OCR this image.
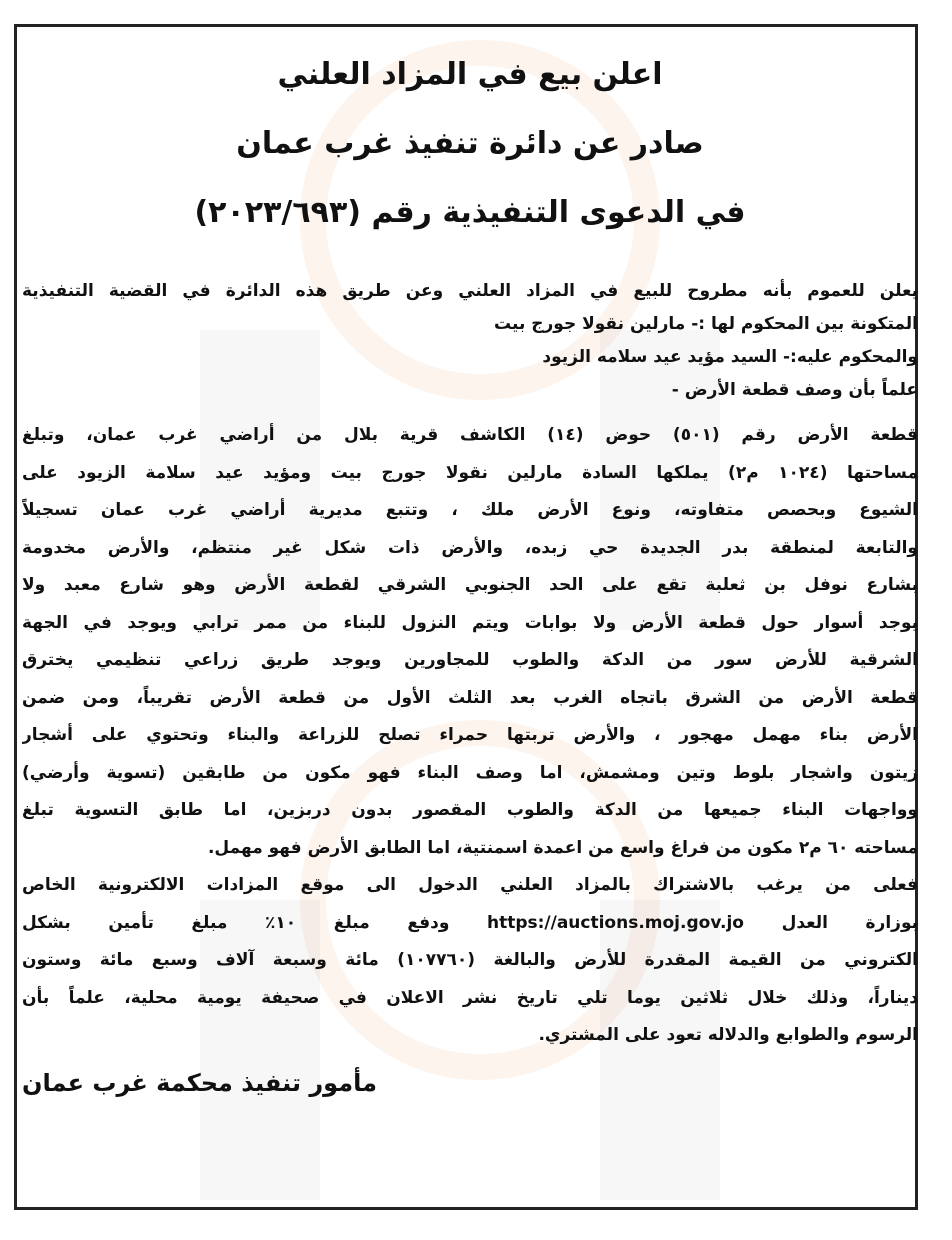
اعلن بيع في المزاد العلني
صادر عن دائرة تنفيذ غرب عمان
في الدعوى التنفيذية رقم (٢٠٢٣/٦٩٣)
يعلن للعموم بأنه مطروح للبيع في المزاد العلني وعن طريق هذه الدائرة في القضية التنفيذية
المتكونة بين المحكوم لها :- مارلين نقولا جورج بيت
والمحكوم عليه:- السيد مؤيد عيد سلامه الزيود
علماً بأن وصف قطعة الأرض -
قطعة الأرض رقم (٥٠١) حوض (١٤) الكاشف قرية بلال من أراضي غرب عمان، وتبلغ
مساحتها (١٠٢٤ م٢) يملكها السادة مارلين نقولا جورج بيت ومؤيد عيد سلامة الزيود على
الشيوع وبحصص متفاوته، ونوع الأرض ملك ، وتتبع مديرية أراضي غرب عمان تسجيلاً
والتابعة لمنطقة بدر الجديدة حي زبده، والأرض ذات شكل غير منتظم، والأرض مخدومة
بشارع نوفل بن ثعلبة تقع على الحد الجنوبي الشرقي لقطعة الأرض وهو شارع معبد ولا
يوجد أسوار حول قطعة الأرض ولا بوابات ويتم النزول للبناء من ممر ترابي ويوجد في الجهة
الشرقية للأرض سور من الدكة والطوب للمجاورين ويوجد طريق زراعي تنظيمي يخترق
قطعة الأرض من الشرق باتجاه الغرب بعد الثلث الأول من قطعة الأرض تقريباً، ومن ضمن
الأرض بناء مهمل مهجور ، والأرض تربتها حمراء تصلح للزراعة والبناء وتحتوي على أشجار
زيتون واشجار بلوط وتين ومشمش، اما وصف البناء فهو مكون من طابقين (تسوية وأرضي)
وواجهات البناء جميعها من الدكة والطوب المقصور بدون دربزين، اما طابق التسوية تبلغ
مساحته ٦٠ م٢ مكون من فراغ واسع من اعمدة اسمنتية، اما الطابق الأرض فهو مهمل.
فعلى من يرغب بالاشتراك بالمزاد العلني الدخول الى موقع المزادات الالكترونية الخاص
بوزارة العدل https://auctions.moj.gov.jo ودفع مبلغ ١٠٪ مبلغ تأمين بشكل
الكتروني من القيمة المقدرة للأرض والبالغة (١٠٧٧٦٠) مائة وسبعة آلاف وسبع مائة وستون
ديناراً، وذلك خلال ثلاثين يوما تلي تاريخ نشر الاعلان في صحيفة يومية محلية، علماً بأن
الرسوم والطوابع والدلاله تعود على المشتري.
مأمور تنفيذ محكمة غرب عمان
